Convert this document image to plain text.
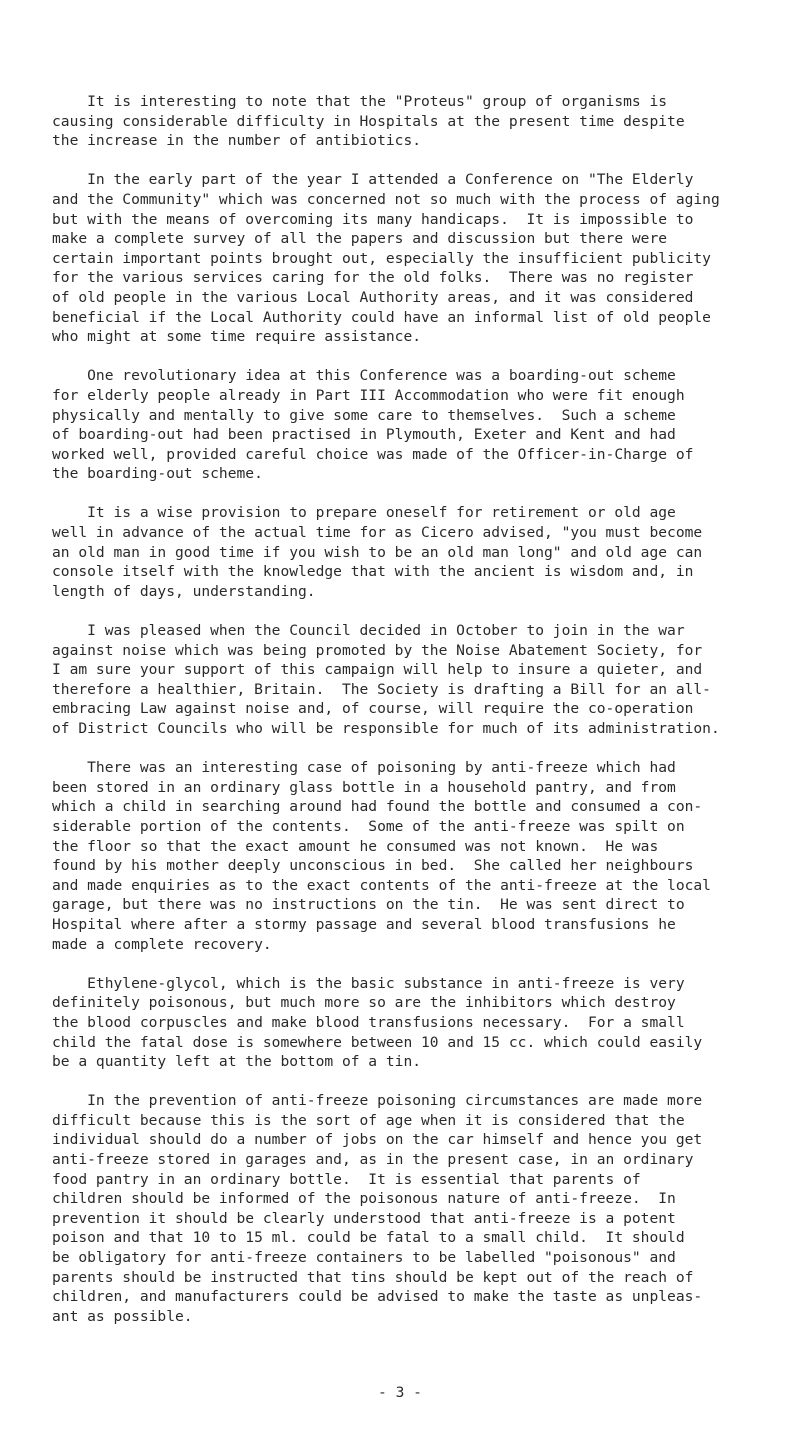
It is interesting to note that the "Proteus" group of organisms is
causing considerable difficulty in Hospitals at the present time despite
the increase in the number of antibiotics.
In the early part of the year I attended a Conference on "The Elderly
and the Community" which was concerned not so much with the process of aging
but with the means of overcoming its many handicaps.  It is impossible to
make a complete survey of all the papers and discussion but there were
certain important points brought out, especially the insufficient publicity
for the various services caring for the old folks.  There was no register
of old people in the various Local Authority areas, and it was considered
beneficial if the Local Authority could have an informal list of old people
who might at some time require assistance.
One revolutionary idea at this Conference was a boarding-out scheme
for elderly people already in Part III Accommodation who were fit enough
physically and mentally to give some care to themselves.  Such a scheme
of boarding-out had been practised in Plymouth, Exeter and Kent and had
worked well, provided careful choice was made of the Officer-in-Charge of
the boarding-out scheme.
It is a wise provision to prepare oneself for retirement or old age
well in advance of the actual time for as Cicero advised, "you must become
an old man in good time if you wish to be an old man long" and old age can
console itself with the knowledge that with the ancient is wisdom and, in
length of days, understanding.
I was pleased when the Council decided in October to join in the war
against noise which was being promoted by the Noise Abatement Society, for
I am sure your support of this campaign will help to insure a quieter, and
therefore a healthier, Britain.  The Society is drafting a Bill for an all-
embracing Law against noise and, of course, will require the co-operation
of District Councils who will be responsible for much of its administration.
There was an interesting case of poisoning by anti-freeze which had
been stored in an ordinary glass bottle in a household pantry, and from
which a child in searching around had found the bottle and consumed a con-
siderable portion of the contents.  Some of the anti-freeze was spilt on
the floor so that the exact amount he consumed was not known.  He was
found by his mother deeply unconscious in bed.  She called her neighbours
and made enquiries as to the exact contents of the anti-freeze at the local
garage, but there was no instructions on the tin.  He was sent direct to
Hospital where after a stormy passage and several blood transfusions he
made a complete recovery.
Ethylene-glycol, which is the basic substance in anti-freeze is very
definitely poisonous, but much more so are the inhibitors which destroy
the blood corpuscles and make blood transfusions necessary.  For a small
child the fatal dose is somewhere between 10 and 15 cc. which could easily
be a quantity left at the bottom of a tin.
In the prevention of anti-freeze poisoning circumstances are made more
difficult because this is the sort of age when it is considered that the
individual should do a number of jobs on the car himself and hence you get
anti-freeze stored in garages and, as in the present case, in an ordinary
food pantry in an ordinary bottle.  It is essential that parents of
children should be informed of the poisonous nature of anti-freeze.  In
prevention it should be clearly understood that anti-freeze is a potent
poison and that 10 to 15 ml. could be fatal to a small child.  It should
be obligatory for anti-freeze containers to be labelled "poisonous" and
parents should be instructed that tins should be kept out of the reach of
children, and manufacturers could be advised to make the taste as unpleas-
ant as possible.
- 3 -
